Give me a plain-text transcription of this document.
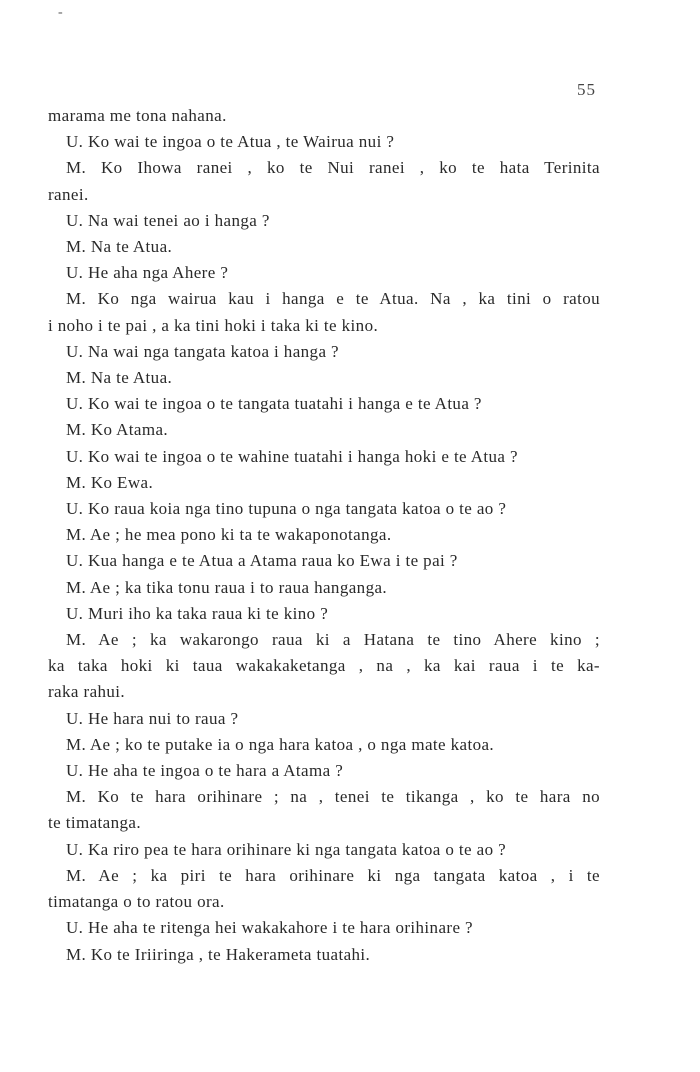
-
55

marama me tona nahana.

U. Ko wai te ingoa o te Atua , te Wairua nui ?

M. Ko Ihowa ranei , ko te Nui ranei , ko te hata Terinita

ranei.

U. Na wai tenei ao i hanga ?

M. Na te Atua.

U. He aha nga Ahere ?

M. Ko nga wairua kau i hanga e te Atua. Na , ka tini o ratou

i noho i te pai , a ka tini hoki i taka ki te kino.

U. Na wai nga tangata katoa i hanga ?

M. Na te Atua.

U. Ko wai te ingoa o te tangata tuatahi i hanga e te Atua ?

M. Ko Atama.

U. Ko wai te ingoa o te wahine tuatahi i hanga hoki e te Atua ?

M. Ko Ewa.

U. Ko raua koia nga tino tupuna o nga tangata katoa o te ao ?

M. Ae ; he mea pono ki ta te wakaponotanga.

U. Kua hanga e te Atua a Atama raua ko Ewa i te pai ?

M. Ae ; ka tika tonu raua i to raua hanganga.

U. Muri iho ka taka raua ki te kino ?

M. Ae ; ka wakarongo raua ki a Hatana te tino Ahere kino ;

ka taka hoki ki taua wakakaketanga , na , ka kai raua i te ka-

raka rahui.

U. He hara nui to raua ?

M. Ae ; ko te putake ia o nga hara katoa , o nga mate katoa.

U. He aha te ingoa o te hara a Atama ?

M. Ko te hara orihinare ; na , tenei te tikanga , ko te hara no

te timatanga.

U. Ka riro pea te hara orihinare ki nga tangata katoa o te ao ?

M. Ae ; ka piri te hara orihinare ki nga tangata katoa , i te

timatanga o to ratou ora.

U. He aha te ritenga hei wakakahore i te hara orihinare ?

M. Ko te Iriiringa , te Hakerameta tuatahi.
